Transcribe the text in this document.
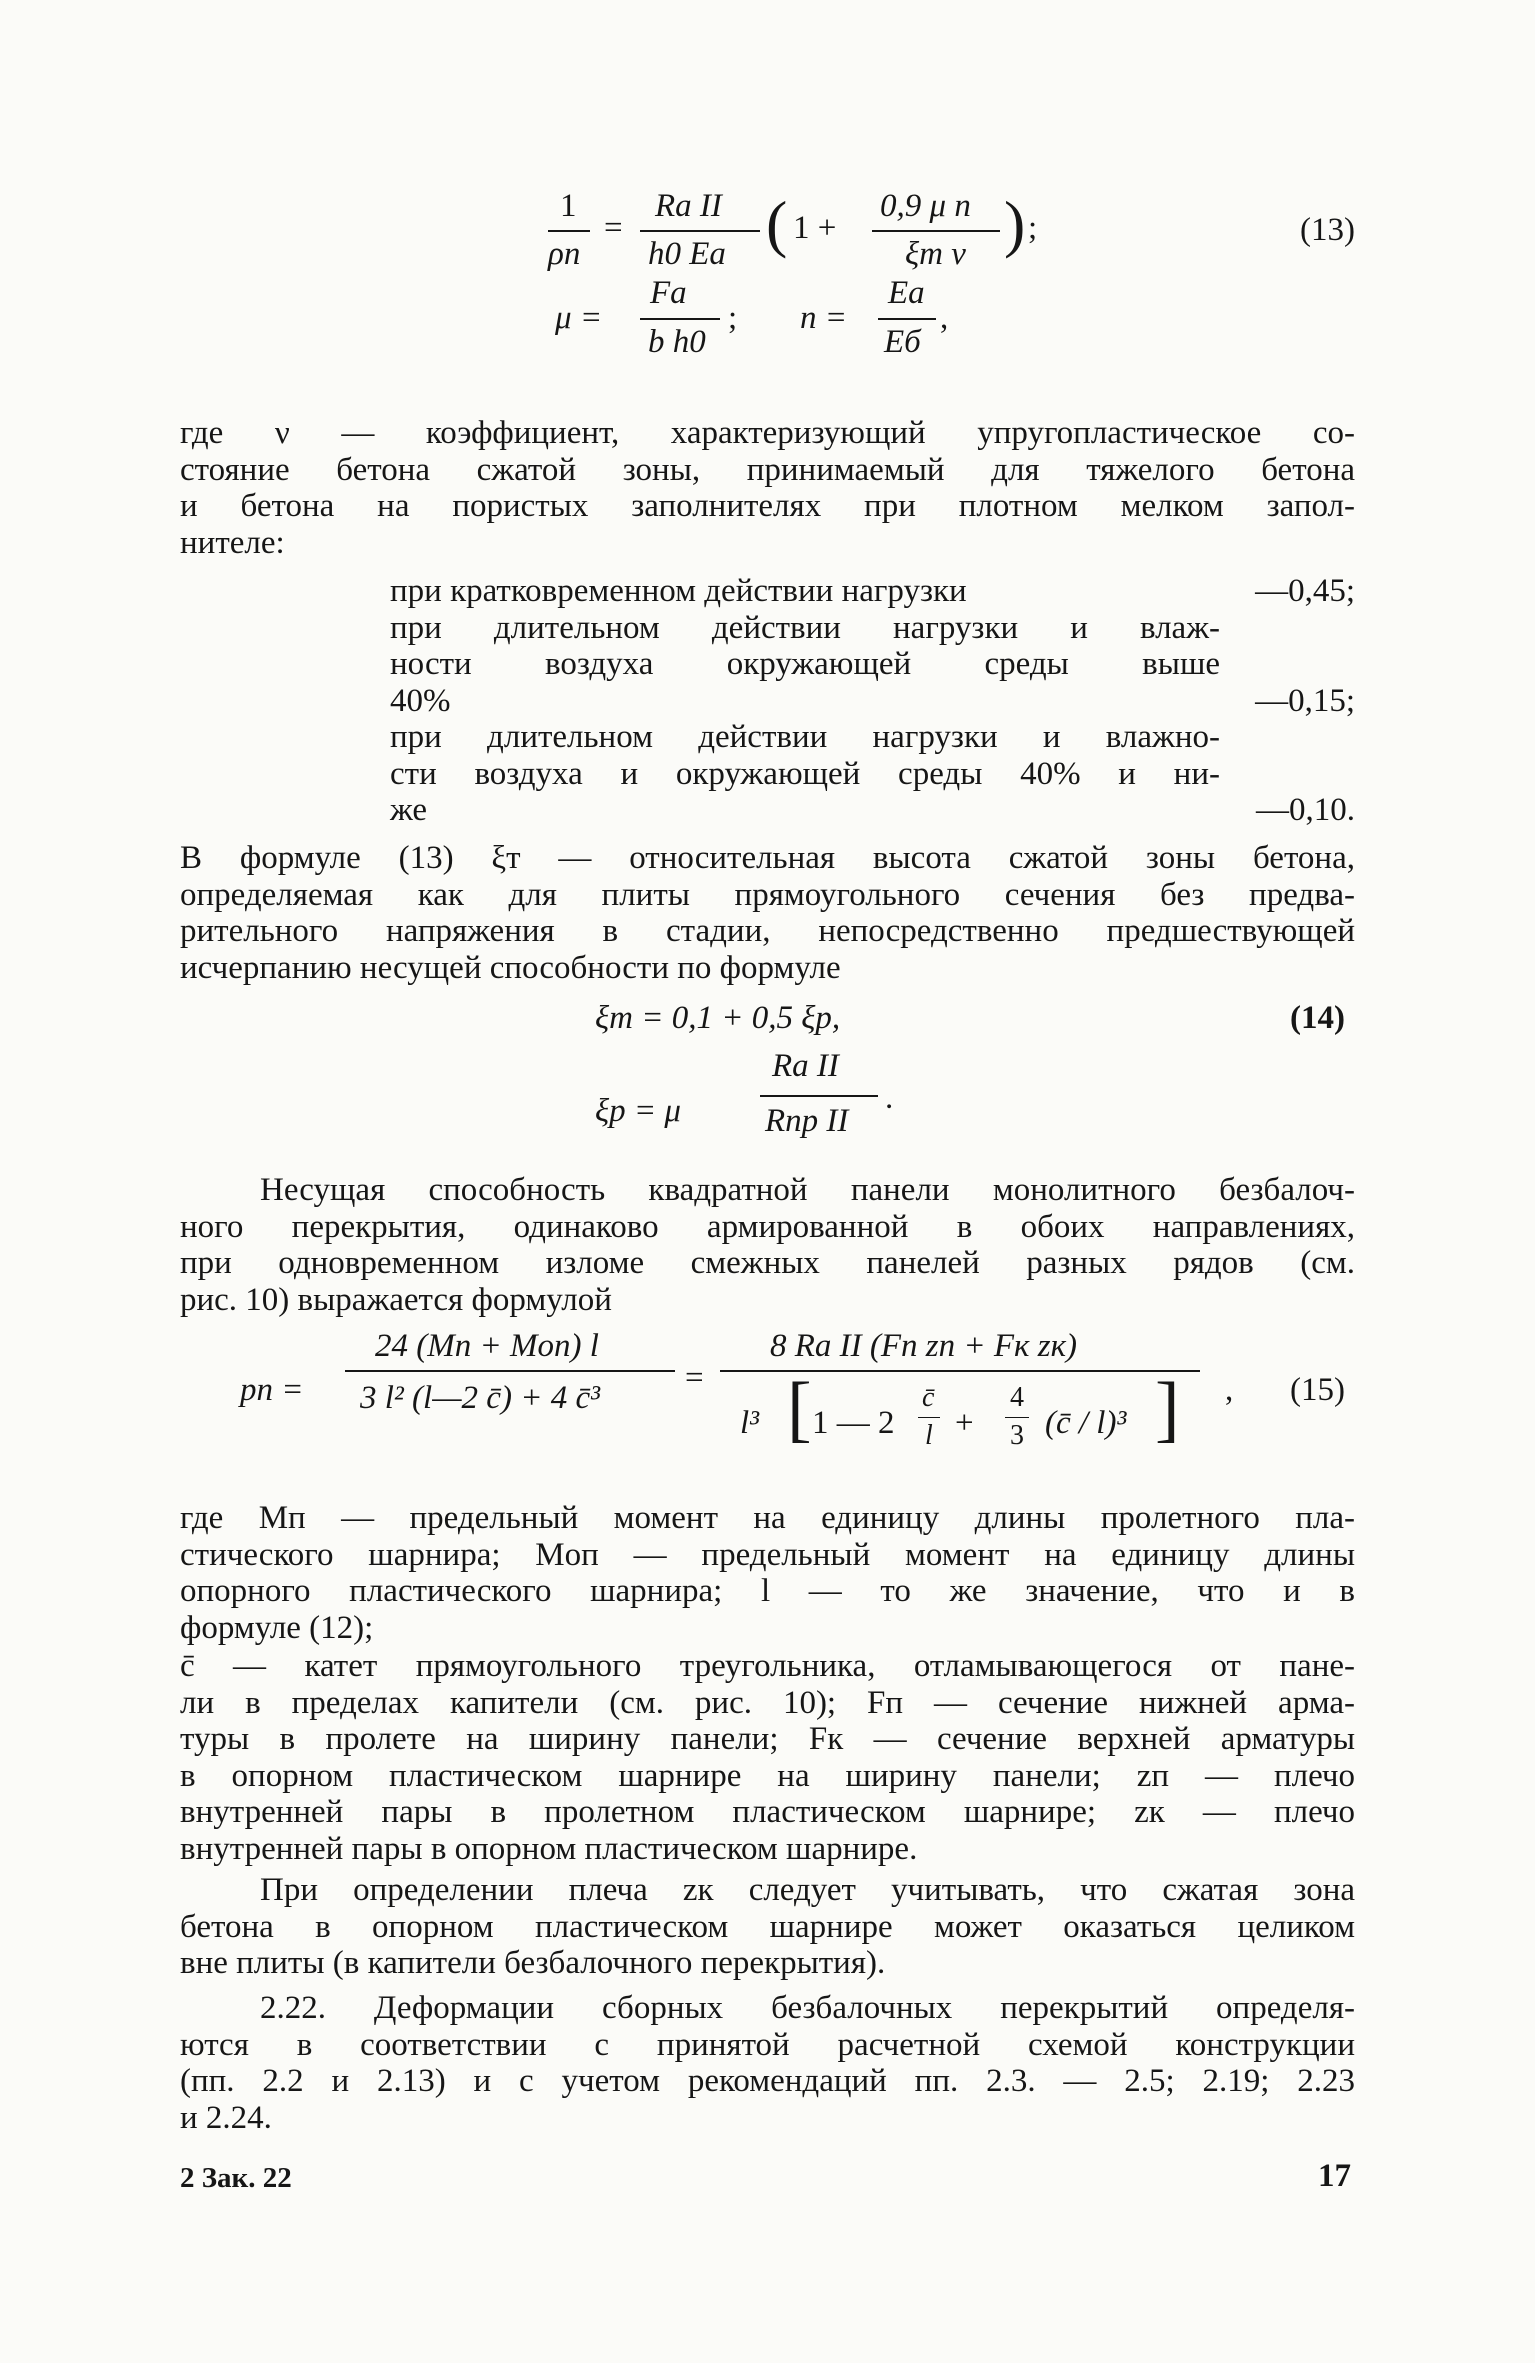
1
ρп
=
Rа II
h0 Eа ( 1 +
0,9 μ n
ξт ν ) ;	(13)
μ =
Fа
b h0
; n =
Eа
Eб
,
где ν — коэффициент, характеризующий упругопластическое со-
стояние бетона сжатой зоны, принимаемый для тяжелого бетона
и бетона на пористых заполнителях при плотном мелком запол-
нителе:
при кратковременном действии нагрузки	—0,45;
при длительном действии нагрузки и влаж-
ности воздуха окружающей среды выше
40%	—0,15;
при длительном действии нагрузки и влажно-
сти воздуха и окружающей среды 40% и ни-
же	—0,10.
В формуле (13) ξт — относительная высота сжатой зоны бетона,
определяемая как для плиты прямоугольного сечения без предва-
рительного напряжения в стадии, непосредственно предшествующей
исчерпанию несущей способности по формуле
ξт = 0,1 + 0,5 ξр,	(14)
ξр = μ
Rа II
Rпр II
.
Несущая способность квадратной панели монолитного безбалоч-
ного перекрытия, одинаково армированной в обоих направлениях,
при одновременном изломе смежных панелей разных рядов (см.
рис. 10) выражается формулой
pп =
24 (Mп + Mоп) l
3 l² (l—2 c̄) + 4 c̄³
=
8 Rа II (Fп zп + Fк zк)
l³ [ 1 — 2
c̄
l +
4
3 (c̄ / l)³ ] , (15)
где Mп — предельный момент на единицу длины пролетного пла-
стического шарнира; Mоп — предельный момент на единицу длины
опорного пластического шарнира; l — то же значение, что и в
формуле (12);
c̄ — катет прямоугольного треугольника, отламывающегося от пане-
ли в пределах капители (см. рис. 10); Fп — сечение нижней арма-
туры в пролете на ширину панели; Fк — сечение верхней арматуры
в опорном пластическом шарнире на ширину панели; zп — плечо
внутренней пары в пролетном пластическом шарнире; zк — плечо
внутренней пары в опорном пластическом шарнире.
При определении плеча zк следует учитывать, что сжатая зона
бетона в опорном пластическом шарнире может оказаться целиком
вне плиты (в капители безбалочного перекрытия).
2.22. Деформации сборных безбалочных перекрытий определя-
ются в соответствии с принятой расчетной схемой конструкции
(пп. 2.2 и 2.13) и с учетом рекомендаций пп. 2.3. — 2.5; 2.19; 2.23
и 2.24.
2 Зак. 22	17
